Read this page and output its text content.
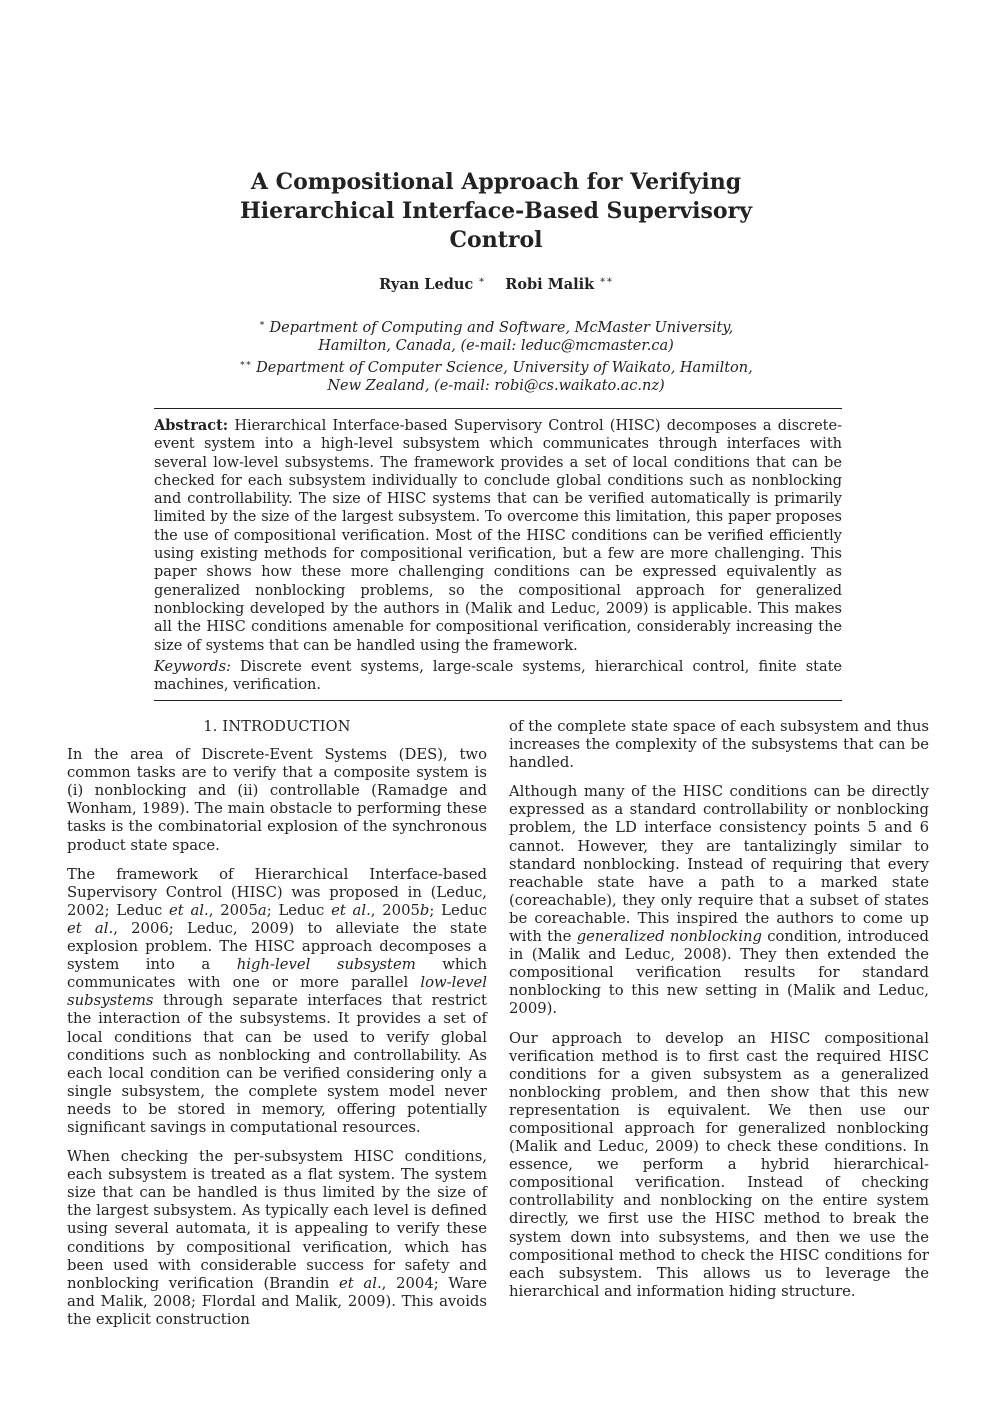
A Compositional Approach for Verifying
Hierarchical Interface-Based Supervisory
Control
Ryan Leduc ∗ Robi Malik ∗∗

∗ Department of Computing and Software, McMaster University,

Hamilton, Canada, (e-mail: leduc@mcmaster.ca)

∗∗ Department of Computer Science, University of Waikato, Hamilton,

New Zealand, (e-mail: robi@cs.waikato.ac.nz)

Abstract: Hierarchical Interface-based Supervisory Control (HISC) decomposes a discrete-event system into a high-level subsystem which communicates through interfaces with several low-level subsystems. The framework provides a set of local conditions that can be checked for each subsystem individually to conclude global conditions such as nonblocking and controllability. The size of HISC systems that can be verified automatically is primarily limited by the size of the largest subsystem. To overcome this limitation, this paper proposes the use of compositional verification. Most of the HISC conditions can be verified efficiently using existing methods for compositional verification, but a few are more challenging. This paper shows how these more challenging conditions can be expressed equivalently as generalized nonblocking problems, so the compositional approach for generalized nonblocking developed by the authors in (Malik and Leduc, 2009) is applicable. This makes all the HISC conditions amenable for compositional verification, considerably increasing the size of systems that can be handled using the framework.

Keywords: Discrete event systems, large-scale systems, hierarchical control, finite state machines, verification.
1. INTRODUCTION

In the area of Discrete-Event Systems (DES), two common tasks are to verify that a composite system is (i) nonblocking and (ii) controllable (Ramadge and Wonham, 1989). The main obstacle to performing these tasks is the combinatorial explosion of the synchronous product state space.

The framework of Hierarchical Interface-based Supervisory Control (HISC) was proposed in (Leduc, 2002; Leduc et al., 2005a; Leduc et al., 2005b; Leduc et al., 2006; Leduc, 2009) to alleviate the state explosion problem. The HISC approach decomposes a system into a high-level subsystem which communicates with one or more parallel low-level subsystems through separate interfaces that restrict the interaction of the subsystems. It provides a set of local conditions that can be used to verify global conditions such as nonblocking and controllability. As each local condition can be verified considering only a single subsystem, the complete system model never needs to be stored in memory, offering potentially significant savings in computational resources.

When checking the per-subsystem HISC conditions, each subsystem is treated as a flat system. The system size that can be handled is thus limited by the size of the largest subsystem. As typically each level is defined using several automata, it is appealing to verify these conditions by compositional verification, which has been used with considerable success for safety and nonblocking verification (Brandin et al., 2004; Ware and Malik, 2008; Flordal and Malik, 2009). This avoids the explicit construction

of the complete state space of each subsystem and thus increases the complexity of the subsystems that can be handled.

Although many of the HISC conditions can be directly expressed as a standard controllability or nonblocking problem, the LD interface consistency points 5 and 6 cannot. However, they are tantalizingly similar to standard nonblocking. Instead of requiring that every reachable state have a path to a marked state (coreachable), they only require that a subset of states be coreachable. This inspired the authors to come up with the generalized nonblocking condition, introduced in (Malik and Leduc, 2008). They then extended the compositional verification results for standard nonblocking to this new setting in (Malik and Leduc, 2009).

Our approach to develop an HISC compositional verification method is to first cast the required HISC conditions for a given subsystem as a generalized nonblocking problem, and then show that this new representation is equivalent. We then use our compositional approach for generalized nonblocking (Malik and Leduc, 2009) to check these conditions. In essence, we perform a hybrid hierarchical-compositional verification. Instead of checking controllability and nonblocking on the entire system directly, we first use the HISC method to break the system down into subsystems, and then we use the compositional method to check the HISC conditions for each subsystem. This allows us to leverage the hierarchical and information hiding structure.
